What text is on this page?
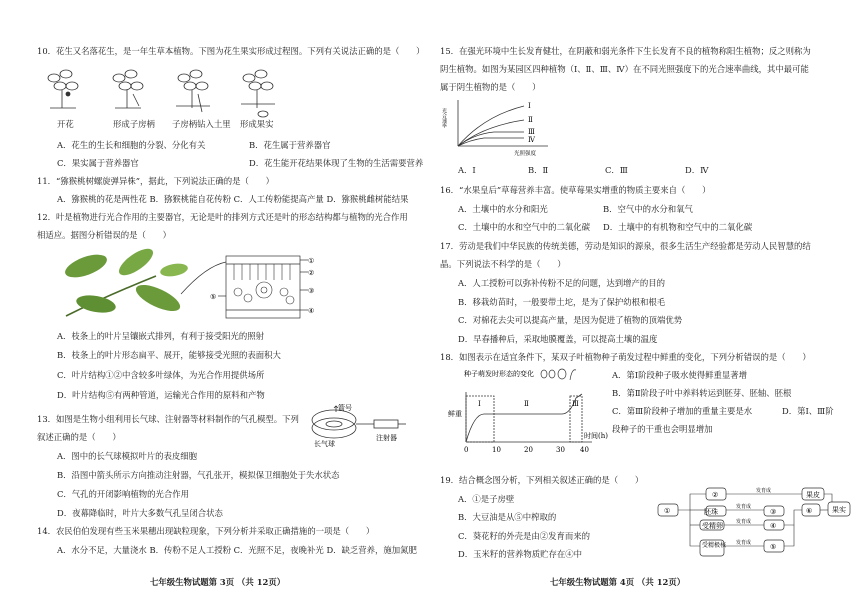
10．花生又名落花生，是一年生草本植物。下图为花生果实形成过程图。下列有关说法正确的是（　　）
开花	形成子房柄 子房柄钻入土里 形成果实
A．花生的生长和细胞的分裂、分化有关	B．花生属于营养器官
C．果实属于营养器官	D．花生能开花结果体现了生物的生活需要营养
11．“猕猴桃树螺旋弹异株”，据此，下列说法正确的是（　　）
A．猕猴桃的花是两性花 B．猕猴桃能自花传粉 C．人工传粉能提高产量 D．猕猴桃雌树能结果
12．叶是植物进行光合作用的主要器官，无论是叶的排列方式还是叶的形态结构都与植物的光合作用
相适应。据图分析错误的是（　　）
①
②
③
④
⑤
A．枝条上的叶片呈镶嵌式排列，有利于接受阳光的照射
B．枝条上的叶片形态扁平、展开，能够接受光照的表面积大
C．叶片结构①②中含较多叶绿体，为光合作用提供场所
D．叶片结构⑤有两种管道，运输光合作用的原料和产物
13．如图是生物小组利用长气球、注射器等材料制作的气孔模型。下列
叙述正确的是（　　）
箭号
长气球
注射器
A．图中的长气球模拟叶片的表皮细胞
B．沿图中箭头所示方向推动注射器，气孔张开，模拟保卫细胞处于失水状态
C．气孔的开闭影响植物的光合作用
D．夜幕降临时，叶片大多数气孔呈闭合状态
14．农民伯伯发现有些玉米果穗出现缺粒现象，下列分析并采取正确措施的一项是（　　）
A．水分不足，大量浇水 B．传粉不足人工授粉 C．光照不足，夜晚补光 D．缺乏营养，施加氮肥
七年级生物试题第 3页 （共 12页）
15．在强光环境中生长发育健壮，在阴蔽和弱光条件下生长发育不良的植物称阳生植物；反之则称为
阴生植物。如图为某园区四种植物（Ⅰ、Ⅱ、Ⅲ、Ⅳ）在不同光照强度下的光合速率曲线，其中最可能
属于阴生植物的是（　　）
光合速率
Ⅰ
Ⅱ
Ⅲ
Ⅳ
光照强度
A．Ⅰ	B．Ⅱ	C．Ⅲ	D．Ⅳ
16．“水果皇后”草莓营养丰富。使草莓果实增重的物质主要来自（　　）
A．土壤中的水分和阳光	B．空气中的水分和氧气
C．土壤中的水和空气中的二氧化碳 D．土壤中的有机物和空气中的二氧化碳
17．劳动是我们中华民族的传统美德，劳动是知识的源泉，很多生活生产经验都是劳动人民智慧的结
晶。下列说法不科学的是（　　）
A．人工授粉可以弥补传粉不足的问题，达到增产的目的
B．移栽幼苗时，一般要带土坨，是为了保护幼根和根毛
C．对棉花去尖可以提高产量，是因为促进了植物的顶端优势
D．早春播种后，采取地膜覆盖，可以提高土壤的温度
18．如图表示在适宜条件下，某双子叶植物种子萌发过程中鲜重的变化，下列分析错误的是（　　）
种子萌发时形态的变化
鲜重
Ⅰ	Ⅱ	Ⅲ
0	10	20	30 40
时间(h)
A．第Ⅰ阶段种子吸水使得鲜重显著增
B．第Ⅱ阶段子叶中养料转运到胚芽、胚轴、胚根
C．第Ⅲ阶段种子增加的重量主要是水	D．第Ⅰ、Ⅲ阶
段种子的干重也会明显增加
19．结合概念图分析，下列相关叙述正确的是（　　）
A．①是子房壁
B．大豆油是从⑤中榨取的
C．葵花籽的外壳是由②发育而来的
D．玉米籽的营养物质贮存在④中
①
②
胚珠
受精卵
受精极核
③
④
⑤
果皮
⑥	果实
发育成
发育成
发育成
发育成
七年级生物试题第 4页 （共 12页）
